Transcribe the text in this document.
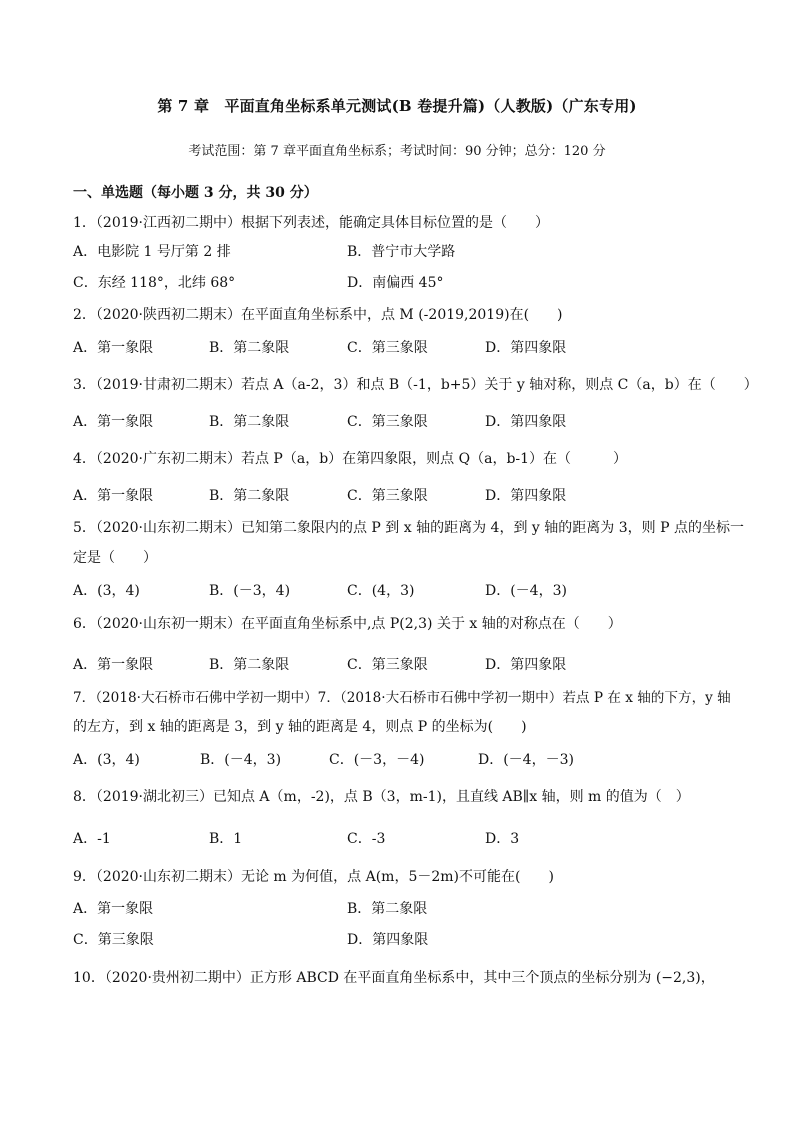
第 7 章　平面直角坐标系单元测试(B 卷提升篇)（人教版)（广东专用)
考试范围：第 7 章平面直角坐标系；考试时间：90 分钟；总分：120 分
一、单选题（每小题 3 分，共 30 分）
1．（2019·江西初二期中）根据下列表述，能确定具体目标位置的是（　　）
A．电影院 1 号厅第 2 排	B．普宁市大学路
C．东经 118°，北纬 68°	D．南偏西 45°
2．（2020·陕西初二期末）在平面直角坐标系中，点 M (-2019,2019)在(　　)
A．第一象限	B．第二象限	C．第三象限	D．第四象限
3．（2019·甘肃初二期末）若点 A（a-2，3）和点 B（-1，b+5）关于 y 轴对称，则点 C（a，b）在（　　）
A．第一象限	B．第二象限	C．第三象限	D．第四象限
4．（2020·广东初二期末）若点 P（a，b）在第四象限，则点 Q（a，b-1）在（　　　）
A．第一象限	B．第二象限	C．第三象限	D．第四象限
5．（2020·山东初二期末）已知第二象限内的点 P 到 x 轴的距离为 4，到 y 轴的距离为 3，则 P 点的坐标一
定是（　　）
A．(3，4)	B．(－3，4)	C．(4，3)	D．(－4，3)
6．（2020·山东初一期末）在平面直角坐标系中,点 P(2,3) 关于 x 轴的对称点在（　　）
A．第一象限	B．第二象限	C．第三象限	D．第四象限
7．（2018·大石桥市石佛中学初一期中）7．（2018·大石桥市石佛中学初一期中）若点 P 在 x 轴的下方，y 轴
的左方，到 x 轴的距离是 3，到 y 轴的距离是 4，则点 P 的坐标为(　　)
A．(3，4)	B．(－4，3)	C．(－3，－4)	D．(－4，－3)
8．（2019·湖北初三）已知点 A（m，-2)，点 B（3，m-1)，且直线 AB∥x 轴，则 m 的值为（　）
A．-1	B．1	C．-3	D．3
9．（2020·山东初二期末）无论 m 为何值，点 A(m，5－2m)不可能在(　　)
A．第一象限	B．第二象限
C．第三象限	D．第四象限
10．（2020·贵州初二期中）正方形 ABCD 在平面直角坐标系中，其中三个顶点的坐标分别为 (−2,3)，
